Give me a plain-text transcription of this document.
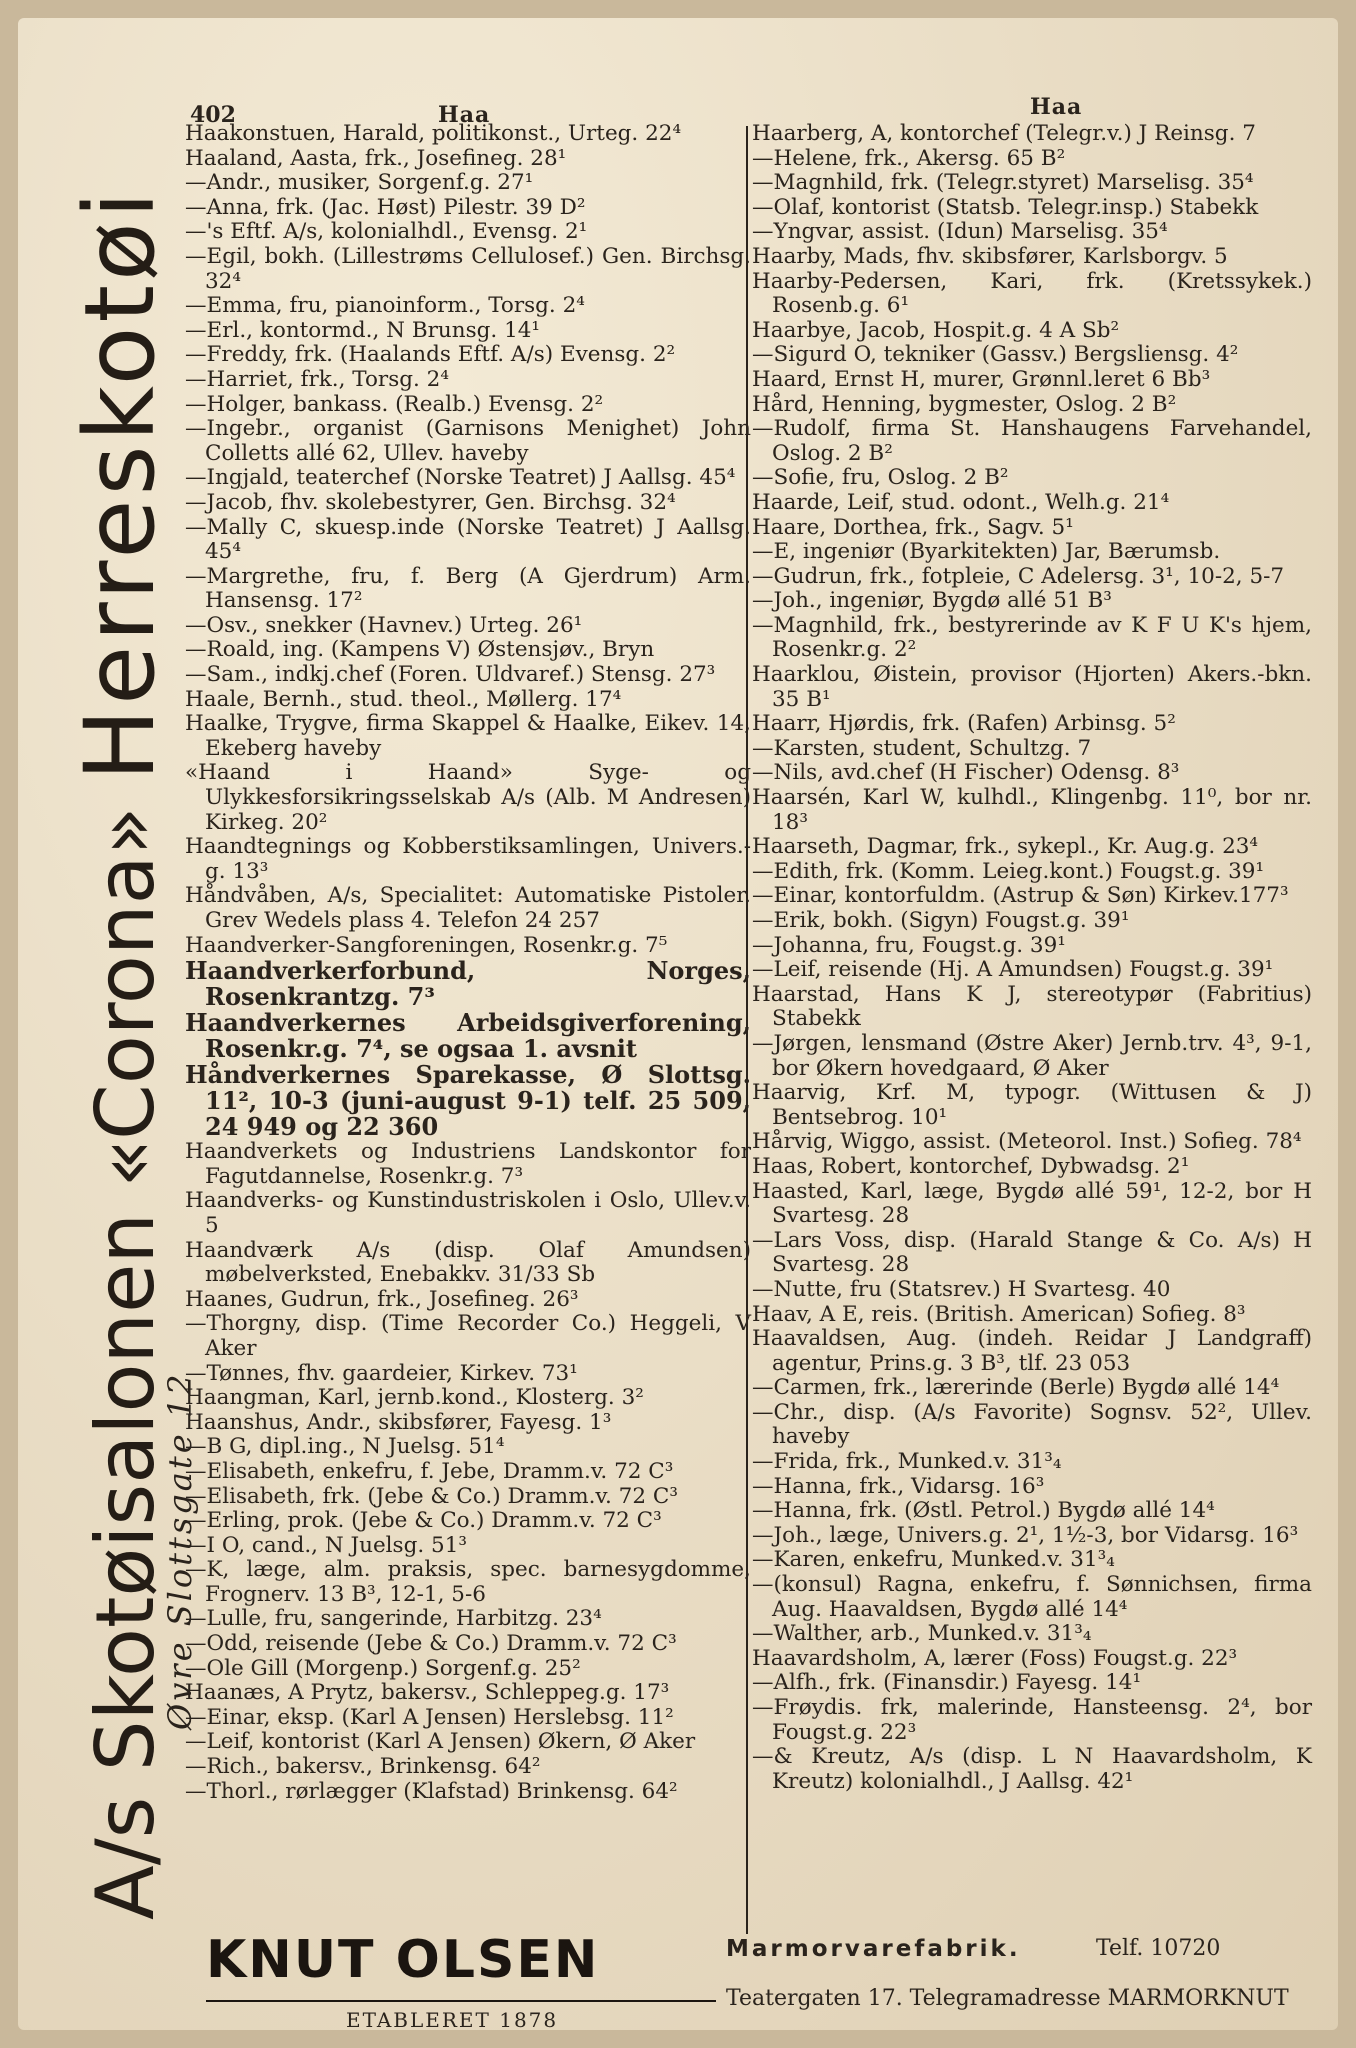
402	Haa	Haa
A/s Skotøisalonen «Corona» Herreskotøi
Øvre Slottsgate 12
Haakonstuen, Harald, politikonst., Urteg. 22⁴
Haaland, Aasta, frk., Josefineg. 28¹
—Andr., musiker, Sorgenf.g. 27¹
—Anna, frk. (Jac. Høst) Pilestr. 39 D²
—'s Eftf. A/s, kolonialhdl., Evensg. 2¹
—Egil, bokh. (Lillestrøms Cellulosef.) Gen. Birchsg. 32⁴
—Emma, fru, pianoinform., Torsg. 2⁴
—Erl., kontormd., N Brunsg. 14¹
—Freddy, frk. (Haalands Eftf. A/s) Evensg. 2²
—Harriet, frk., Torsg. 2⁴
—Holger, bankass. (Realb.) Evensg. 2²
—Ingebr., organist (Garnisons Menighet) John Colletts allé 62, Ullev. haveby
—Ingjald, teaterchef (Norske Teatret) J Aallsg. 45⁴
—Jacob, fhv. skolebestyrer, Gen. Birchsg. 32⁴
—Mally C, skuesp.inde (Norske Teatret) J Aallsg. 45⁴
—Margrethe, fru, f. Berg (A Gjerdrum) Arm. Hansensg. 17²
—Osv., snekker (Havnev.) Urteg. 26¹
—Roald, ing. (Kampens V) Østensjøv., Bryn
—Sam., indkj.chef (Foren. Uldvaref.) Stensg. 27³
Haale, Bernh., stud. theol., Møllerg. 17⁴
Haalke, Trygve, firma Skappel & Haalke, Eikev. 14, Ekeberg haveby
«Haand i Haand» Syge- og Ulykkesforsikringsselskab A/s (Alb. M Andresen) Kirkeg. 20²
Haandtegnings og Kobberstiksamlingen, Univers.-g. 13³
Håndvåben, A/s, Specialitet: Automatiske Pistoler. Grev Wedels plass 4. Telefon 24 257
Haandverker-Sangforeningen, Rosenkr.g. 7⁵
Haandverkerforbund, Norges, Rosenkrantzg. 7³
Haandverkernes Arbeidsgiverforening, Rosenkr.g. 7⁴, se ogsaa 1. avsnit
Håndverkernes Sparekasse, Ø Slottsg. 11², 10-3 (juni-august 9-1) telf. 25 509, 24 949 og 22 360
Haandverkets og Industriens Landskontor for Fagutdannelse, Rosenkr.g. 7³
Haandverks- og Kunstindustriskolen i Oslo, Ullev.v. 5
Haandværk A/s (disp. Olaf Amundsen) møbelverksted, Enebakkv. 31/33 Sb
Haanes, Gudrun, frk., Josefineg. 26³
—Thorgny, disp. (Time Recorder Co.) Heggeli, V Aker
—Tønnes, fhv. gaardeier, Kirkev. 73¹
Haangman, Karl, jernb.kond., Klosterg. 3²
Haanshus, Andr., skibsfører, Fayesg. 1³
—B G, dipl.ing., N Juelsg. 51⁴
—Elisabeth, enkefru, f. Jebe, Dramm.v. 72 C³
—Elisabeth, frk. (Jebe & Co.) Dramm.v. 72 C³
—Erling, prok. (Jebe & Co.) Dramm.v. 72 C³
—I O, cand., N Juelsg. 51³
—K, læge, alm. praksis, spec. barnesygdomme, Frognerv. 13 B³, 12-1, 5-6
—Lulle, fru, sangerinde, Harbitzg. 23⁴
—Odd, reisende (Jebe & Co.) Dramm.v. 72 C³
—Ole Gill (Morgenp.) Sorgenf.g. 25²
Haanæs, A Prytz, bakersv., Schleppeg.g. 17³
—Einar, eksp. (Karl A Jensen) Herslebsg. 11²
—Leif, kontorist (Karl A Jensen) Økern, Ø Aker
—Rich., bakersv., Brinkensg. 64²
—Thorl., rørlægger (Klafstad) Brinkensg. 64²
Haarberg, A, kontorchef (Telegr.v.) J Reinsg. 7
—Helene, frk., Akersg. 65 B²
—Magnhild, frk. (Telegr.styret) Marselisg. 35⁴
—Olaf, kontorist (Statsb. Telegr.insp.) Stabekk
—Yngvar, assist. (Idun) Marselisg. 35⁴
Haarby, Mads, fhv. skibsfører, Karlsborgv. 5
Haarby-Pedersen, Kari, frk. (Kretssykek.) Rosenb.g. 6¹
Haarbye, Jacob, Hospit.g. 4 A Sb²
—Sigurd O, tekniker (Gassv.) Bergsliensg. 4²
Haard, Ernst H, murer, Grønnl.leret 6 Bb³
Hård, Henning, bygmester, Oslog. 2 B²
—Rudolf, firma St. Hanshaugens Farvehandel, Oslog. 2 B²
—Sofie, fru, Oslog. 2 B²
Haarde, Leif, stud. odont., Welh.g. 21⁴
Haare, Dorthea, frk., Sagv. 5¹
—E, ingeniør (Byarkitekten) Jar, Bærumsb.
—Gudrun, frk., fotpleie, C Adelersg. 3¹, 10-2, 5-7
—Joh., ingeniør, Bygdø allé 51 B³
—Magnhild, frk., bestyrerinde av K F U K's hjem, Rosenkr.g. 2²
Haarklou, Øistein, provisor (Hjorten) Akers.-bkn. 35 B¹
Haarr, Hjørdis, frk. (Rafen) Arbinsg. 5²
—Karsten, student, Schultzg. 7
—Nils, avd.chef (H Fischer) Odensg. 8³
Haarsén, Karl W, kulhdl., Klingenbg. 11⁰, bor nr. 18³
Haarseth, Dagmar, frk., sykepl., Kr. Aug.g. 23⁴
—Edith, frk. (Komm. Leieg.kont.) Fougst.g. 39¹
—Einar, kontorfuldm. (Astrup & Søn) Kirkev.177³
—Erik, bokh. (Sigyn) Fougst.g. 39¹
—Johanna, fru, Fougst.g. 39¹
—Leif, reisende (Hj. A Amundsen) Fougst.g. 39¹
Haarstad, Hans K J, stereotypør (Fabritius) Stabekk
—Jørgen, lensmand (Østre Aker) Jernb.trv. 4³, 9-1, bor Økern hovedgaard, Ø Aker
Haarvig, Krf. M, typogr. (Wittusen & J) Bentsebrog. 10¹
Hårvig, Wiggo, assist. (Meteorol. Inst.) Sofieg. 78⁴
Haas, Robert, kontorchef, Dybwadsg. 2¹
Haasted, Karl, læge, Bygdø allé 59¹, 12-2, bor H Svartesg. 28
—Lars Voss, disp. (Harald Stange & Co. A/s) H Svartesg. 28
—Nutte, fru (Statsrev.) H Svartesg. 40
Haav, A E, reis. (British. American) Sofieg. 8³
Haavaldsen, Aug. (indeh. Reidar J Landgraff) agentur, Prins.g. 3 B³, tlf. 23 053
—Carmen, frk., lærerinde (Berle) Bygdø allé 14⁴
—Chr., disp. (A/s Favorite) Sognsv. 52², Ullev. haveby
—Frida, frk., Munked.v. 31³₄
—Hanna, frk., Vidarsg. 16³
—Hanna, frk. (Østl. Petrol.) Bygdø allé 14⁴
—Joh., læge, Univers.g. 2¹, 1½-3, bor Vidarsg. 16³
—Karen, enkefru, Munked.v. 31³₄
—(konsul) Ragna, enkefru, f. Sønnichsen, firma Aug. Haavaldsen, Bygdø allé 14⁴
—Walther, arb., Munked.v. 31³₄
Haavardsholm, A, lærer (Foss) Fougst.g. 22³
—Alfh., frk. (Finansdir.) Fayesg. 14¹
—Frøydis. frk, malerinde, Hansteensg. 2⁴, bor Fougst.g. 22³
—& Kreutz, A/s (disp. L N Haavardsholm, K Kreutz) kolonialhdl., J Aallsg. 42¹
KNUT OLSEN
ETABLERET 1878
Marmorvarefabrik.	Telf. 10720
Teatergaten 17. Telegramadresse MARMORKNUT
